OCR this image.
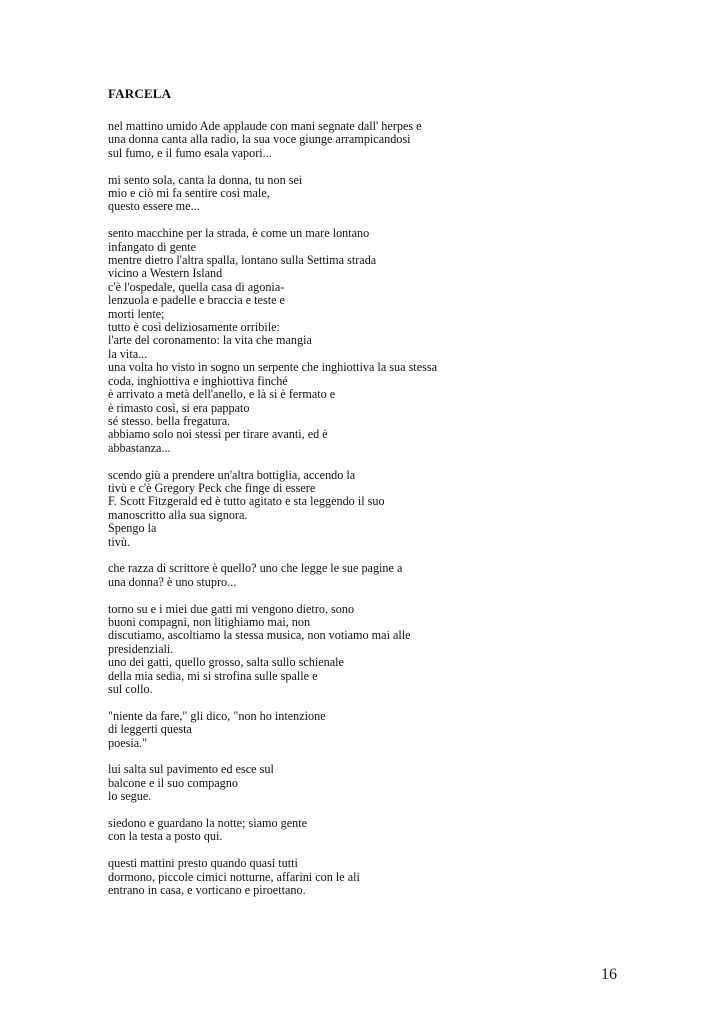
FARCELA
nel mattino umido Ade applaude con mani segnate dall' herpes e
una donna canta alla radio, la sua voce giunge arrampicandosi
sul fumo, e il fumo esala vapori...
mi sento sola, canta la donna, tu non sei
mio e ciò mi fa sentire così male,
questo essere me...
sento macchine per la strada, è come un mare lontano
infangato di gente
mentre dietro l'altra spalla, lontano sulla Settima strada
vicino a Western Island
c'è l'ospedale, quella casa di agonia-
lenzuola e padelle e braccia e teste e
morti lente;
tutto è così deliziosamente orribile:
l'arte del coronamento: la vita che mangia
la vita...
una volta ho visto in sogno un serpente che inghiottiva la sua stessa
coda, inghiottiva e inghiottiva finché
è arrivato a metà dell'anello, e là si è fermato e
è rimasto così, si era pappato
sé stesso. bella fregatura.
abbiamo solo noi stessi per tirare avanti, ed è
abbastanza...
scendo giù a prendere un'altra bottiglia, accendo la
tivù e c'è Gregory Peck che finge di essere
F. Scott Fitzgerald ed è tutto agitato e sta leggendo il suo
manoscritto alla sua signora.
Spengo la
tivù.
che razza di scrittore è quello? uno che legge le sue pagine a
una donna? è uno stupro...
torno su e i miei due gatti mi vengono dietro, sono
buoni compagni, non litighiamo mai, non
discutiamo, ascoltiamo la stessa musica, non votiamo mai alle
presidenziali.
uno dei gatti, quello grosso, salta sullo schienale
della mia sedia, mi si strofina sulle spalle e
sul collo.
"niente da fare," gli dico, "non ho intenzione
di leggerti questa
poesia."
lui salta sul pavimento ed esce sul
balcone e il suo compagno
lo segue.
siedono e guardano la notte; siamo gente
con la testa a posto qui.
questi mattini presto quando quasi tutti
dormono, piccole cimici notturne, affarini con le ali
entrano in casa, e vorticano e piroettano.
16
